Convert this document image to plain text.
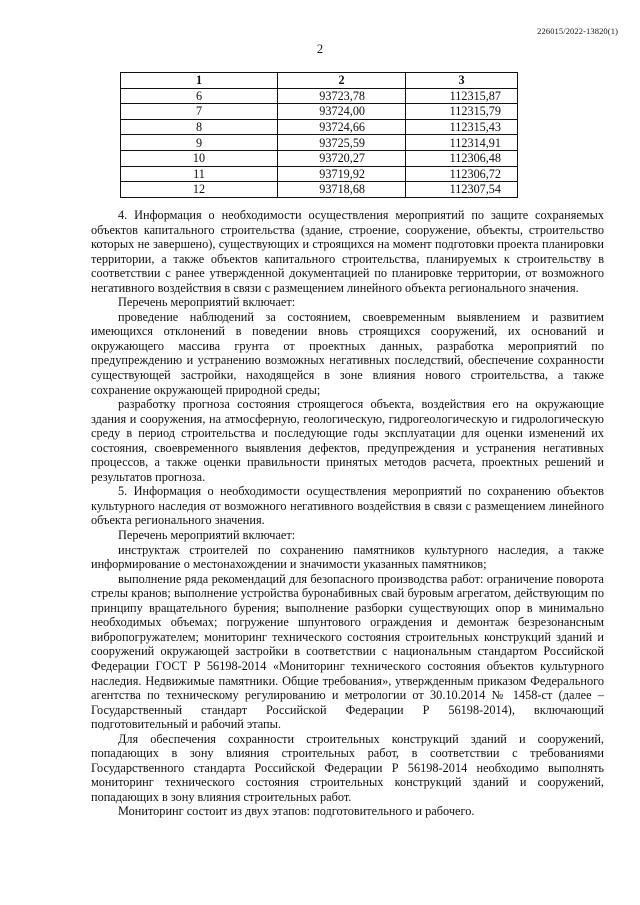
226015/2022-13820(1)
2
1	2	3
6	93723,78	112315,87
7	93724,00	112315,79
8	93724,66	112315,43
9	93725,59	112314,91
10	93720,27	112306,48
11	93719,92	112306,72
12	93718,68	112307,54

4. Информация о необходимости осуществления мероприятий по защите сохраняемых объектов капитального строительства (здание, строение, сооружение, объекты, строительство которых не завершено), существующих и строящихся на момент подготовки проекта планировки территории, а также объектов капитального строительства, планируемых к строительству в соответствии с ранее утвержденной документацией по планировке территории, от возможного негативного воздействия в связи с размещением линейного объекта регионального значения.

Перечень мероприятий включает:

проведение наблюдений за состоянием, своевременным выявлением и развитием имеющихся отклонений в поведении вновь строящихся сооружений, их оснований и окружающего массива грунта от проектных данных, разработка мероприятий по предупреждению и устранению возможных негативных последствий, обеспечение сохранности существующей застройки, находящейся в зоне влияния нового строительства, а также сохранение окружающей природной среды;

разработку прогноза состояния строящегося объекта, воздействия его на окружающие здания и сооружения, на атмосферную, геологическую, гидрогеологическую и гидрологическую среду в период строительства и последующие годы эксплуатации для оценки изменений их состояния, своевременного выявления дефектов, предупреждения и устранения негативных процессов, а также оценки правильности принятых методов расчета, проектных решений и результатов прогноза.

5. Информация о необходимости осуществления мероприятий по сохранению объектов культурного наследия от возможного негативного воздействия в связи с размещением линейного объекта регионального значения.

Перечень мероприятий включает:

инструктаж строителей по сохранению памятников культурного наследия, а также информирование о местонахождении и значимости указанных памятников;

выполнение ряда рекомендаций для безопасного производства работ: ограничение поворота стрелы кранов; выполнение устройства буронабивных свай буровым агрегатом, действующим по принципу вращательного бурения; выполнение разборки существующих опор в минимально необходимых объемах; погружение шпунтового ограждения и демонтаж безрезонансным вибропогружателем; мониторинг технического состояния строительных конструкций зданий и сооружений окружающей застройки в соответствии с национальным стандартом Российской Федерации ГОСТ Р 56198-2014 «Мониторинг технического состояния объектов культурного наследия. Недвижимые памятники. Общие требования», утвержденным приказом Федерального агентства по техническому регулированию и метрологии от 30.10.2014 № 1458-ст (далее – Государственный стандарт Российской Федерации Р 56198-2014), включающий подготовительный и рабочий этапы.

Для обеспечения сохранности строительных конструкций зданий и сооружений, попадающих в зону влияния строительных работ, в соответствии с требованиями Государственного стандарта Российской Федерации Р 56198-2014 необходимо выполнять мониторинг технического состояния строительных конструкций зданий и сооружений, попадающих в зону влияния строительных работ.

Мониторинг состоит из двух этапов: подготовительного и рабочего.
